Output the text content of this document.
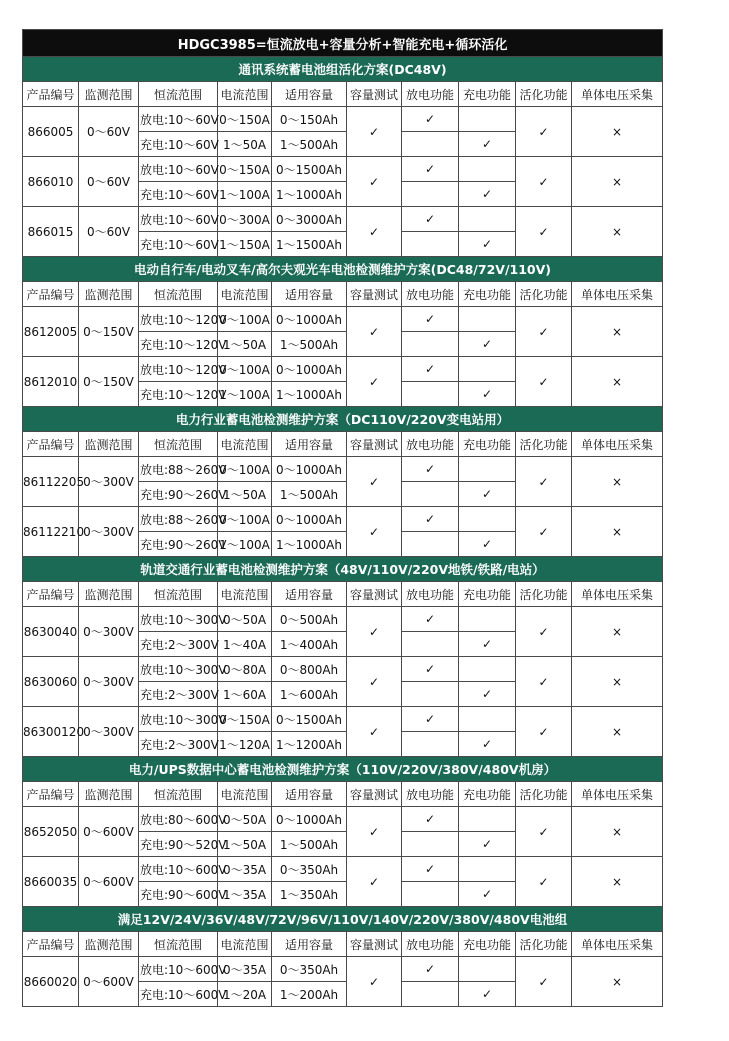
HDGC3985=恒流放电+容量分析+智能充电+循环活化									
通讯系统蓄电池组活化方案(DC48V)									
产品编号	监测范围	恒流范围	电流范围	适用容量	容量测试	放电功能	充电功能	活化功能	单体电压采集
866005	0～60V	放电:10～60V	0～150A	0～150Ah	✓	✓		✓	×
		充电:10～60V	1～50A	1～500Ah			✓		
866010	0～60V	放电:10～60V	0～150A	0～1500Ah	✓	✓		✓	×
		充电:10～60V	1～100A	1～1000Ah			✓		
866015	0～60V	放电:10～60V	0～300A	0～3000Ah	✓	✓		✓	×
		充电:10～60V	1～150A	1～1500Ah			✓		
电动自行车/电动叉车/高尔夫观光车电池检测维护方案(DC48/72V/110V)									
产品编号	监测范围	恒流范围	电流范围	适用容量	容量测试	放电功能	充电功能	活化功能	单体电压采集
8612005	0～150V	放电:10～120V	0～100A	0～1000Ah	✓	✓		✓	×
		充电:10～120V	1～50A	1～500Ah			✓		
8612010	0～150V	放电:10～120V	0～100A	0～1000Ah	✓	✓		✓	×
		充电:10～120V	1～100A	1～1000Ah			✓		
电力行业蓄电池检测维护方案（DC110V/220V变电站用）									
产品编号	监测范围	恒流范围	电流范围	适用容量	容量测试	放电功能	充电功能	活化功能	单体电压采集
86112205	0～300V	放电:88～260V	0～100A	0～1000Ah	✓	✓		✓	×
		充电:90～260V	1～50A	1～500Ah			✓		
86112210	0～300V	放电:88～260V	0～100A	0～1000Ah	✓	✓		✓	×
		充电:90～260V	1～100A	1～1000Ah			✓		
轨道交通行业蓄电池检测维护方案（48V/110V/220V地铁/铁路/电站）									
产品编号	监测范围	恒流范围	电流范围	适用容量	容量测试	放电功能	充电功能	活化功能	单体电压采集
8630040	0～300V	放电:10～300V	0～50A	0～500Ah	✓	✓		✓	×
		充电:2～300V	1～40A	1～400Ah			✓		
8630060	0～300V	放电:10～300V	0～80A	0～800Ah	✓	✓		✓	×
		充电:2～300V	1～60A	1～600Ah			✓		
86300120	0～300V	放电:10～300V	0～150A	0～1500Ah	✓	✓		✓	×
		充电:2～300V	1～120A	1～1200Ah			✓		
电力/UPS数据中心蓄电池检测维护方案（110V/220V/380V/480V机房）									
产品编号	监测范围	恒流范围	电流范围	适用容量	容量测试	放电功能	充电功能	活化功能	单体电压采集
8652050	0～600V	放电:80～600V	0～50A	0～1000Ah	✓	✓		✓	×
		充电:90～520V	1～50A	1～500Ah			✓		
8660035	0～600V	放电:10～600V	0～35A	0～350Ah	✓	✓		✓	×
		充电:90～600V	1～35A	1～350Ah			✓		
满足12V/24V/36V/48V/72V/96V/110V/140V/220V/380V/480V电池组									
产品编号	监测范围	恒流范围	电流范围	适用容量	容量测试	放电功能	充电功能	活化功能	单体电压采集
8660020	0～600V	放电:10～600V	0～35A	0～350Ah	✓	✓		✓	×
		充电:10～600V	1～20A	1～200Ah			✓		
